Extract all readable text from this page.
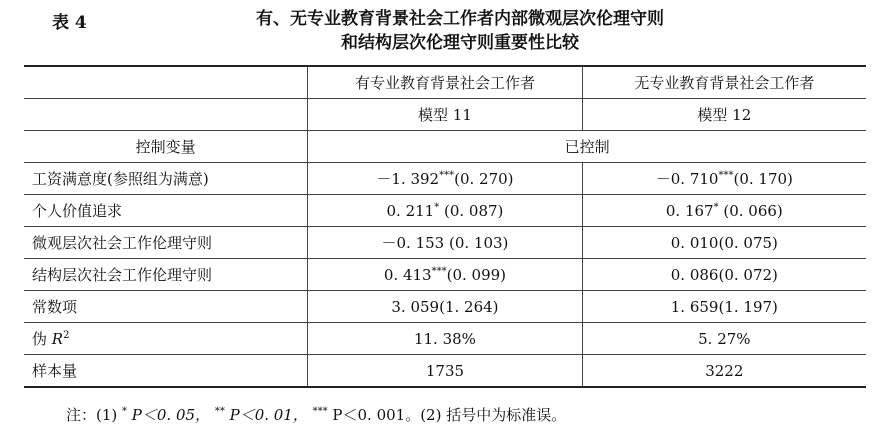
表 4	有、无专业教育背景社会工作者内部微观层次伦理守则
和结构层次伦理守则重要性比较
	有专业教育背景社会工作者	无专业教育背景社会工作者
	模型 11	模型 12
控制变量	已控制	
工资满意度(参照组为满意)	－1. 392***(0. 270)	－0. 710***(0. 170)
个人价值追求	0. 211* (0. 087)	0. 167* (0. 066)
微观层次社会工作伦理守则	－0. 153 (0. 103)	0. 010(0. 075)
结构层次社会工作伦理守则	0. 413***(0. 099)	0. 086(0. 072)
常数项	3. 059(1. 264)	1. 659(1. 197)
伪 $R^2$	11. 38%	5. 27%
样本量	1735	3222
注：(1) * P＜0. 05， ** P＜0. 01， *** P＜0. 001。(2) 括号中为标准误。
